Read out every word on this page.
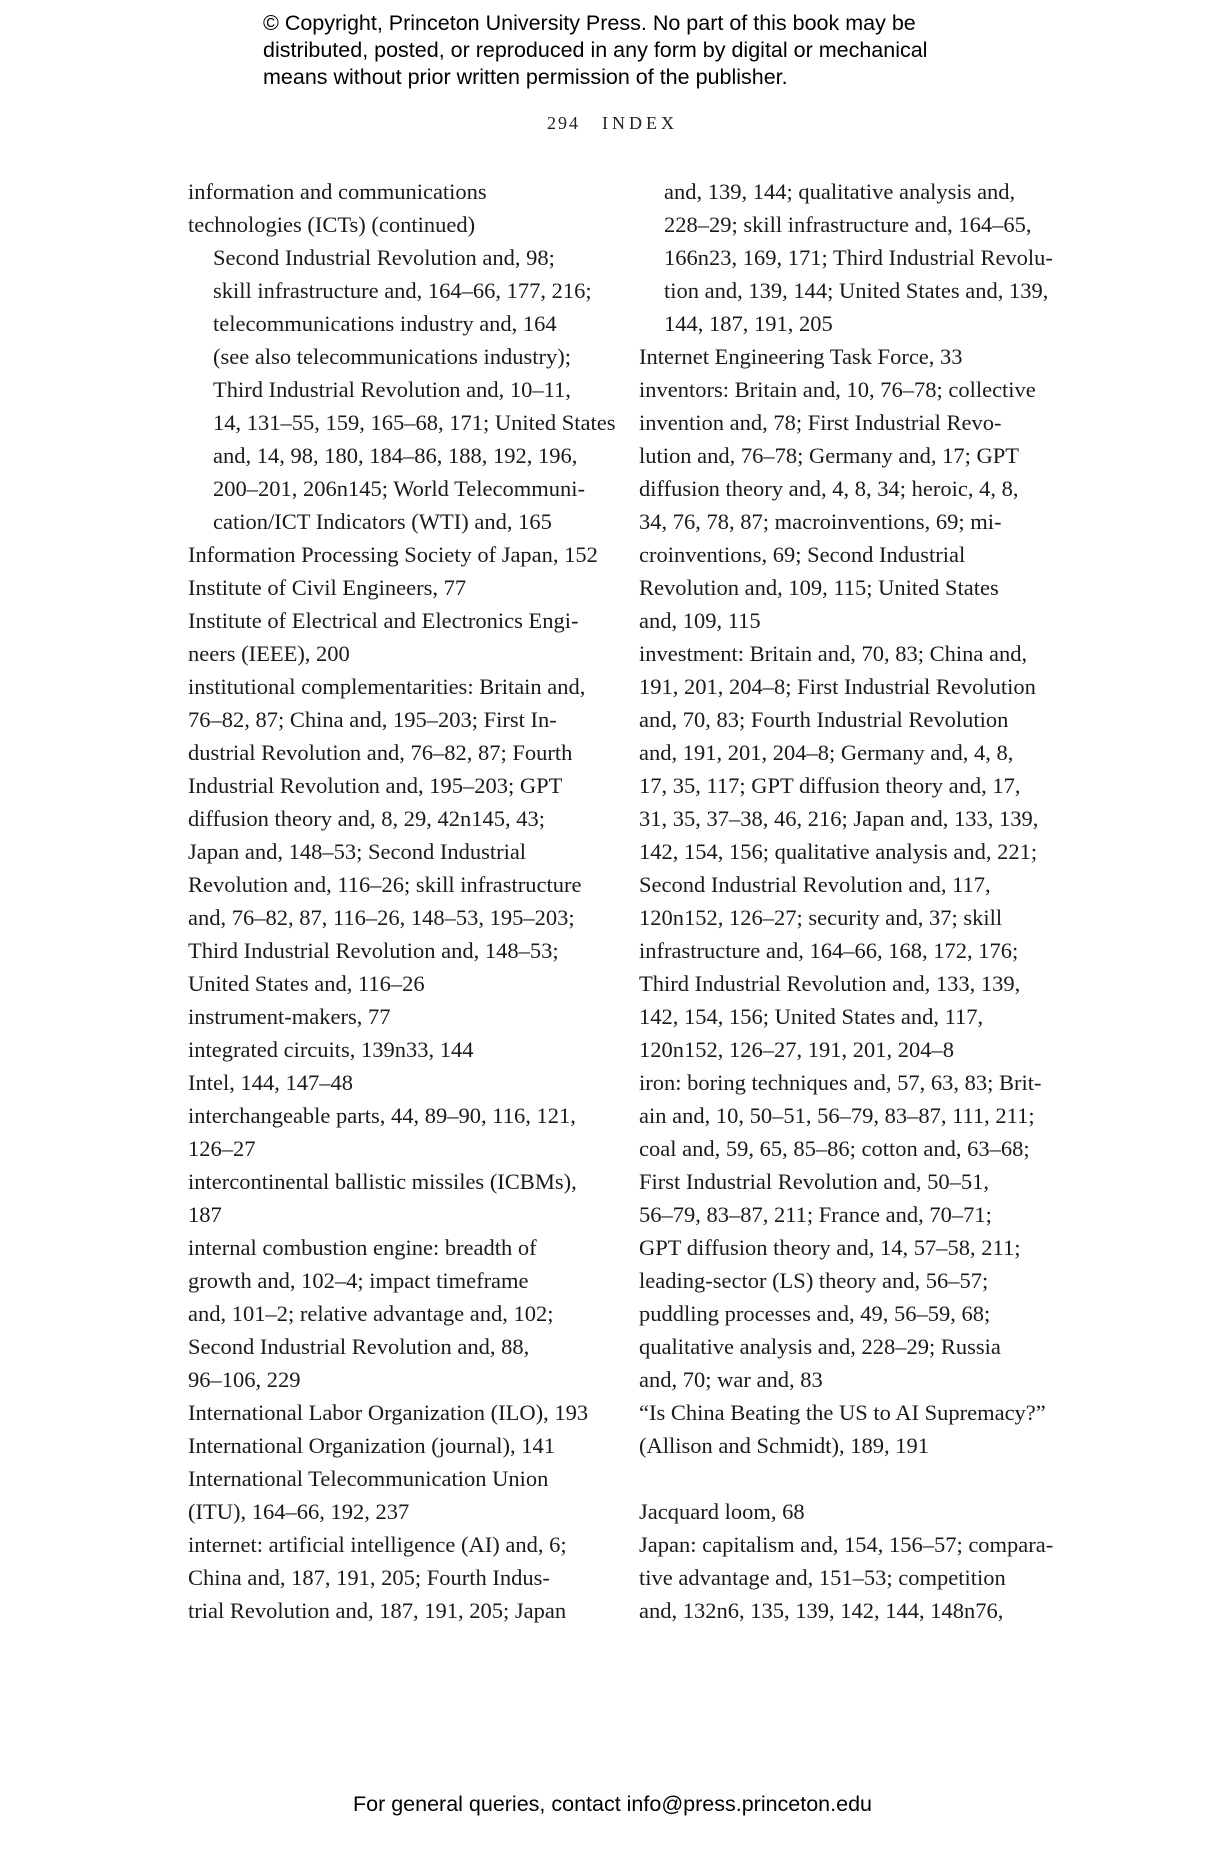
© Copyright, Princeton University Press. No part of this book may be
distributed, posted, or reproduced in any form by digital or mechanical
means without prior written permission of the publisher.
294 INDEX
information and communications
technologies (ICTs) (continued)
Second Industrial Revolution and, 98;
skill infrastructure and, 164–66, 177, 216;
telecommunications industry and, 164
(see also telecommunications industry);
Third Industrial Revolution and, 10–11,
14, 131–55, 159, 165–68, 171; United States
and, 14, 98, 180, 184–86, 188, 192, 196,
200–201, 206n145; World Telecommuni-
cation/ICT Indicators (WTI) and, 165
Information Processing Society of Japan, 152
Institute of Civil Engineers, 77
Institute of Electrical and Electronics Engi-
neers (IEEE), 200
institutional complementarities: Britain and,
76–82, 87; China and, 195–203; First In-
dustrial Revolution and, 76–82, 87; Fourth
Industrial Revolution and, 195–203; GPT
diffusion theory and, 8, 29, 42n145, 43;
Japan and, 148–53; Second Industrial
Revolution and, 116–26; skill infrastructure
and, 76–82, 87, 116–26, 148–53, 195–203;
Third Industrial Revolution and, 148–53;
United States and, 116–26
instrument-makers, 77
integrated circuits, 139n33, 144
Intel, 144, 147–48
interchangeable parts, 44, 89–90, 116, 121,
126–27
intercontinental ballistic missiles (ICBMs),
187
internal combustion engine: breadth of
growth and, 102–4; impact timeframe
and, 101–2; relative advantage and, 102;
Second Industrial Revolution and, 88,
96–106, 229
International Labor Organization (ILO), 193
International Organization (journal), 141
International Telecommunication Union
(ITU), 164–66, 192, 237
internet: artificial intelligence (AI) and, 6;
China and, 187, 191, 205; Fourth Indus-
trial Revolution and, 187, 191, 205; Japan
and, 139, 144; qualitative analysis and,
228–29; skill infrastructure and, 164–65,
166n23, 169, 171; Third Industrial Revolu-
tion and, 139, 144; United States and, 139,
144, 187, 191, 205
Internet Engineering Task Force, 33
inventors: Britain and, 10, 76–78; collective
invention and, 78; First Industrial Revo-
lution and, 76–78; Germany and, 17; GPT
diffusion theory and, 4, 8, 34; heroic, 4, 8,
34, 76, 78, 87; macroinventions, 69; mi-
croinventions, 69; Second Industrial
Revolution and, 109, 115; United States
and, 109, 115
investment: Britain and, 70, 83; China and,
191, 201, 204–8; First Industrial Revolution
and, 70, 83; Fourth Industrial Revolution
and, 191, 201, 204–8; Germany and, 4, 8,
17, 35, 117; GPT diffusion theory and, 17,
31, 35, 37–38, 46, 216; Japan and, 133, 139,
142, 154, 156; qualitative analysis and, 221;
Second Industrial Revolution and, 117,
120n152, 126–27; security and, 37; skill
infrastructure and, 164–66, 168, 172, 176;
Third Industrial Revolution and, 133, 139,
142, 154, 156; United States and, 117,
120n152, 126–27, 191, 201, 204–8
iron: boring techniques and, 57, 63, 83; Brit-
ain and, 10, 50–51, 56–79, 83–87, 111, 211;
coal and, 59, 65, 85–86; cotton and, 63–68;
First Industrial Revolution and, 50–51,
56–79, 83–87, 211; France and, 70–71;
GPT diffusion theory and, 14, 57–58, 211;
leading-sector (LS) theory and, 56–57;
puddling processes and, 49, 56–59, 68;
qualitative analysis and, 228–29; Russia
and, 70; war and, 83
“Is China Beating the US to AI Supremacy?”
(Allison and Schmidt), 189, 191
Jacquard loom, 68
Japan: capitalism and, 154, 156–57; compara-
tive advantage and, 151–53; competition
and, 132n6, 135, 139, 142, 144, 148n76,
For general queries, contact info@press.princeton.edu
